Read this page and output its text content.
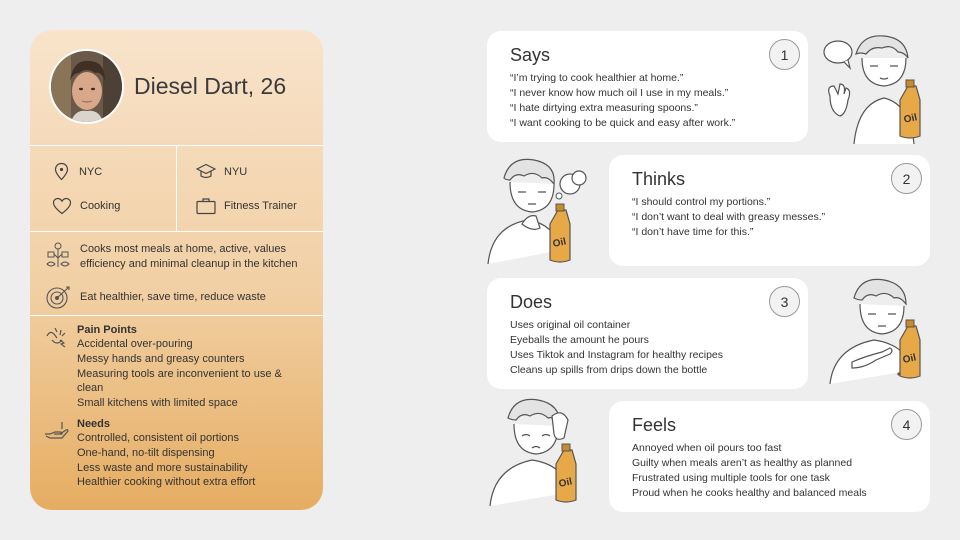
Diesel Dart, 26
NYC	NYU
Cooking	Fitness Trainer
Cooks most meals at home, active, values efficiency and minimal cleanup in the kitchen
Eat healthier, save time, reduce waste
Pain Points
Accidental over-pouring
Messy hands and greasy counters
Measuring tools are inconvenient to use & clean
Small kitchens with limited space
Needs
Controlled, consistent oil portions
One-hand, no-tilt dispensing
Less waste and more sustainability
Healthier cooking without extra effort
Says	1
“I’m trying to cook healthier at home.”
“I never know how much oil I use in my meals.”
“I hate dirtying extra measuring spoons.”
“I want cooking to be quick and easy after work.”
Thinks	2
“I should control my portions.”
“I don’t want to deal with greasy messes.”
“I don’t have time for this.”
Does	3
Uses original oil container
Eyeballs the amount he pours
Uses Tiktok and Instagram for healthy recipes
Cleans up spills from drips down the bottle
Feels	4
Annoyed when oil pours too fast
Guilty when meals aren’t as healthy as planned
Frustrated using multiple tools for one task
Proud when he cooks healthy and balanced meals
Oil
Oil
Oil
Oil
